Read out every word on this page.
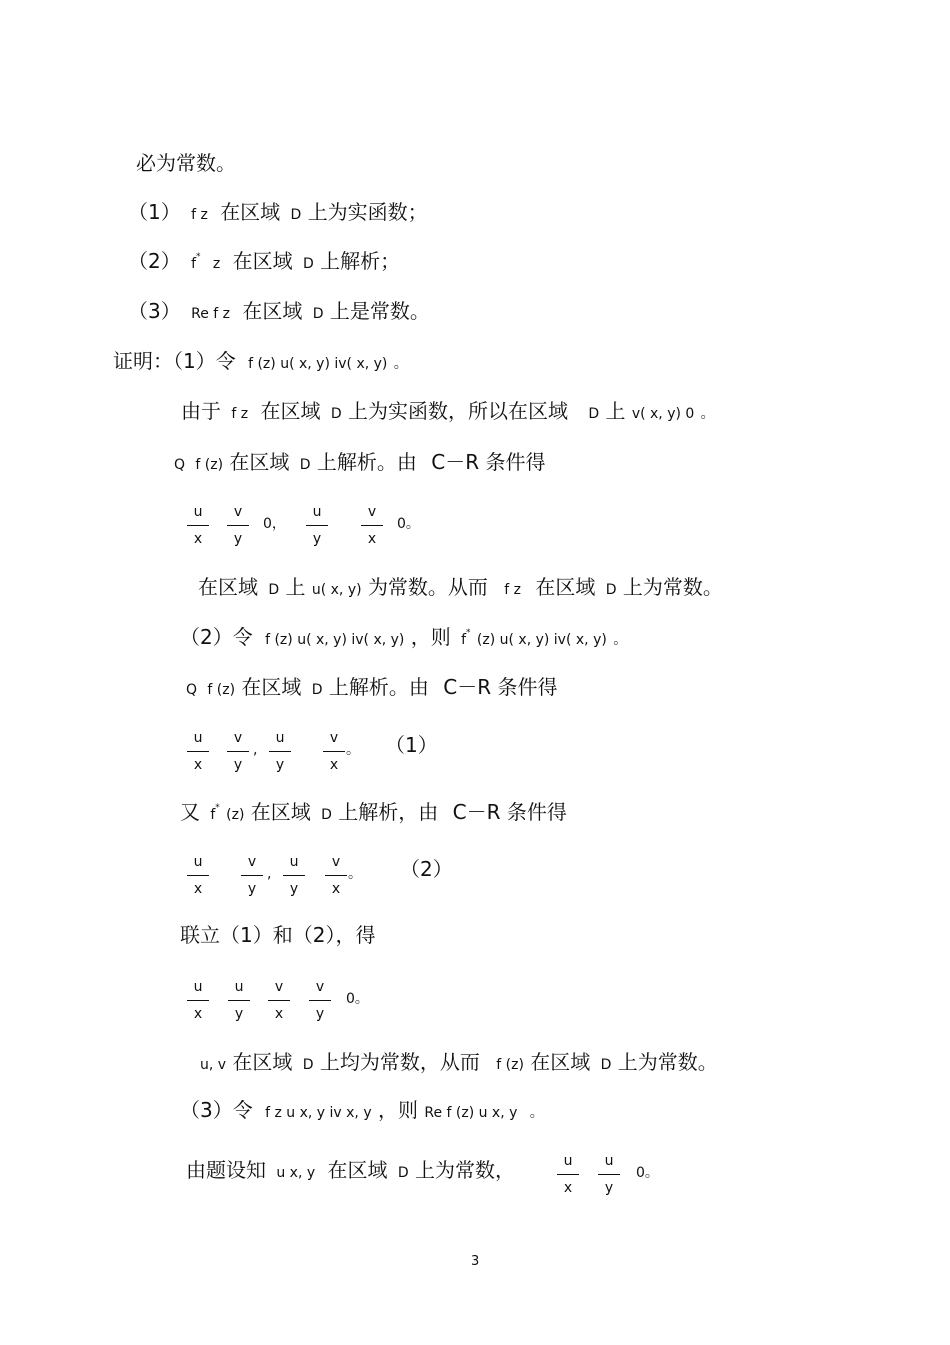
必为常数。
（1） f z 在区域 D 上为实函数；
（2） f* z 在区域 D 上解析；
（3） Re f z 在区域 D 上是常数。
证明：（1）令 f (z) u( x, y) iv( x, y) 。
由于 f z 在区域 D 上为实函数，所以在区域 D 上 v( x, y) 0 。
Q f (z) 在区域 D 上解析。由 C－R 条件得
u
x
v
y
0，
u
y
v
x
0。
在区域 D 上 u( x, y) 为常数。从而 f z 在区域 D 上为常数。
（2）令 f (z) u( x, y) iv( x, y) ，则 f* (z) u( x, y) iv( x, y) 。
Q f (z) 在区域 D 上解析。由 C－R 条件得
u
x
v
y
,
u
y
v
x
。 （1）
又 f* (z) 在区域 D 上解析，由 C－R 条件得
u
x
v
y
,
u
y
v
x
。 （2）
联立（1）和（2），得
u
x
u
y
v
x
v
y
0。
u, v 在区域 D 上均为常数，从而 f (z) 在区域 D 上为常数。
（3）令 f z u x, y iv x, y ，则 Re f (z) u x, y 。
由题设知 u x, y 在区域 D 上为常数，	u
x
u
y
0。
3
